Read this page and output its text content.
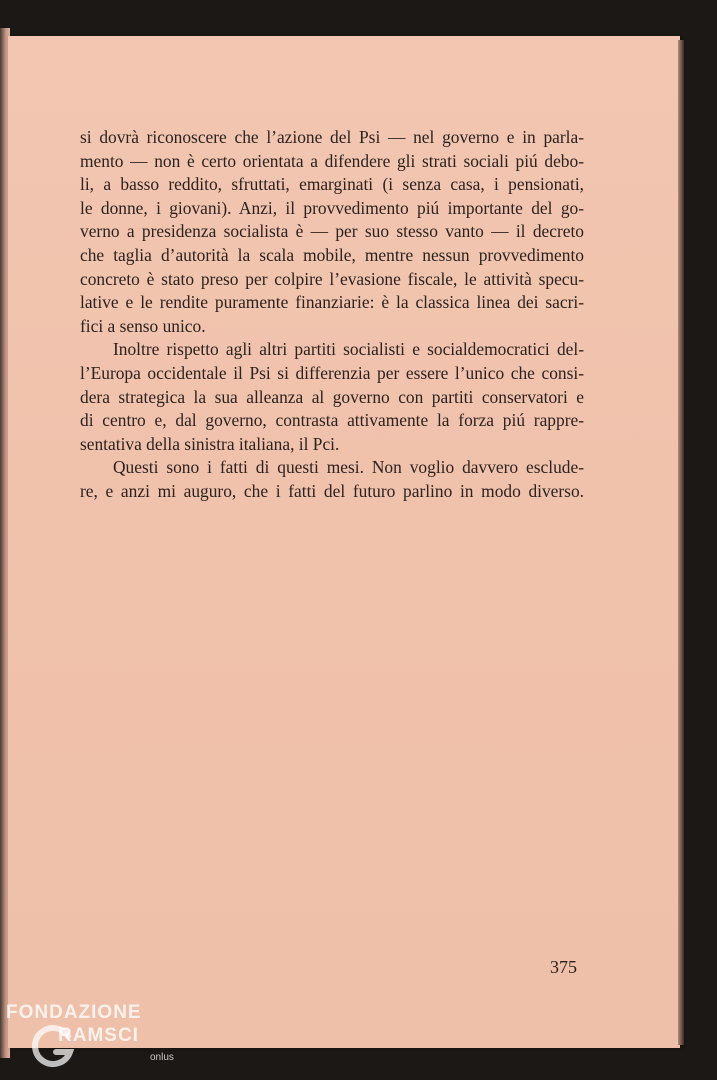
si dovrà riconoscere che l’azione del Psi — nel governo e in parla-
mento — non è certo orientata a difendere gli strati sociali piú debo-
li, a basso reddito, sfruttati, emarginati (i senza casa, i pensionati,
le donne, i giovani). Anzi, il provvedimento piú importante del go-
verno a presidenza socialista è — per suo stesso vanto — il decreto
che taglia d’autorità la scala mobile, mentre nessun provvedimento
concreto è stato preso per colpire l’evasione fiscale, le attività specu-
lative e le rendite puramente finanziarie: è la classica linea dei sacri-
fici a senso unico.

Inoltre rispetto agli altri partiti socialisti e socialdemocratici del-
l’Europa occidentale il Psi si differenzia per essere l’unico che consi-
dera strategica la sua alleanza al governo con partiti conservatori e
di centro e, dal governo, contrasta attivamente la forza piú rappre-
sentativa della sinistra italiana, il Pci.

Questi sono i fatti di questi mesi. Non voglio davvero esclude-
re, e anzi mi auguro, che i fatti del futuro parlino in modo diverso.

375
FONDAZIONE
RAMSCI
onlus
